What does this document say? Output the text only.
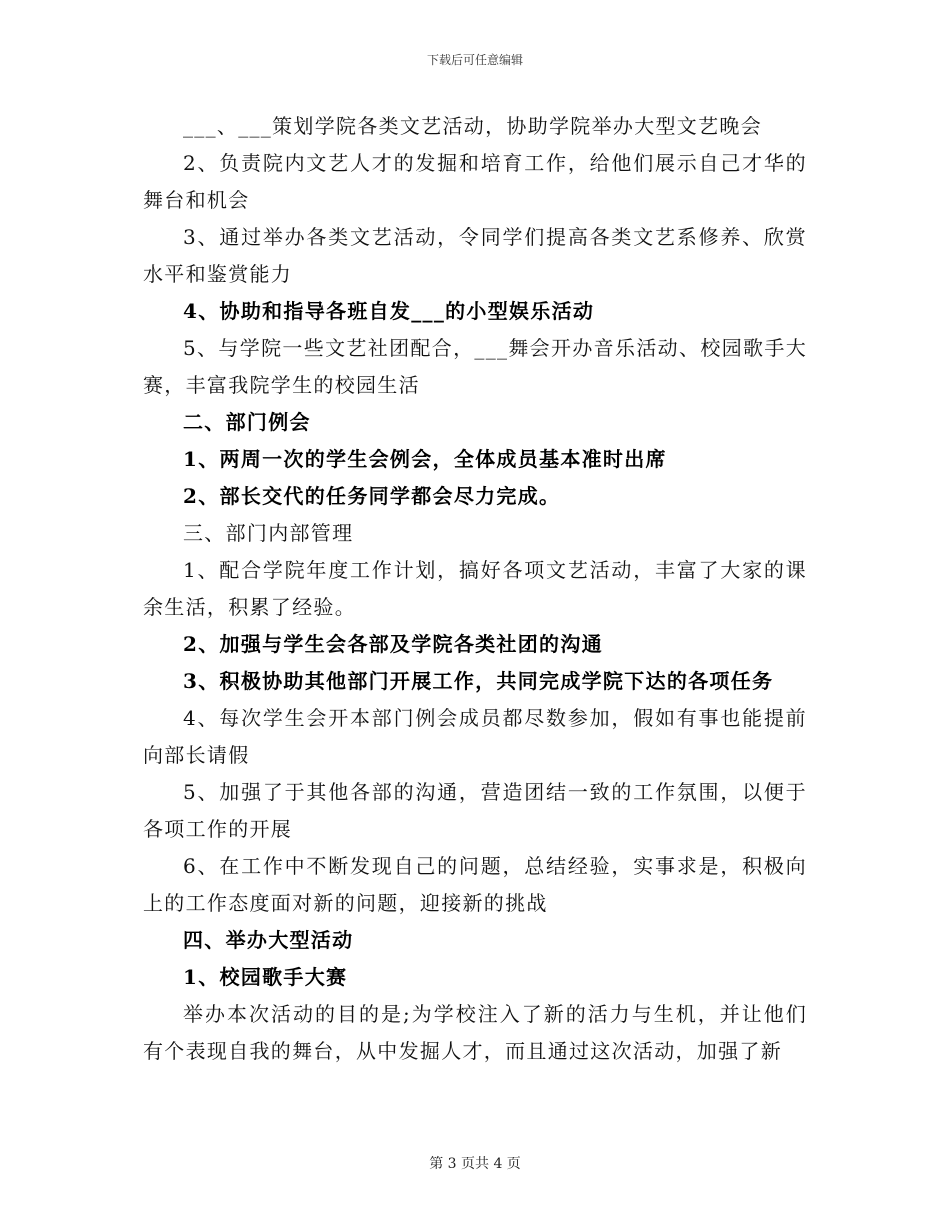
下载后可任意编辑

___、___策划学院各类文艺活动，协助学院举办大型文艺晚会

2、负责院内文艺人才的发掘和培育工作，给他们展示自己才华的舞台和机会

3、通过举办各类文艺活动，令同学们提高各类文艺系修养、欣赏水平和鉴赏能力

4、协助和指导各班自发___的小型娱乐活动

5、与学院一些文艺社团配合，___舞会开办音乐活动、校园歌手大赛，丰富我院学生的校园生活

二、部门例会

1、两周一次的学生会例会，全体成员基本准时出席

2、部长交代的任务同学都会尽力完成。

三、部门内部管理

1、配合学院年度工作计划，搞好各项文艺活动，丰富了大家的课余生活，积累了经验。

2、加强与学生会各部及学院各类社团的沟通

3、积极协助其他部门开展工作，共同完成学院下达的各项任务

4、每次学生会开本部门例会成员都尽数参加，假如有事也能提前向部长请假

5、加强了于其他各部的沟通，营造团结一致的工作氛围，以便于各项工作的开展

6、在工作中不断发现自己的问题，总结经验，实事求是，积极向上的工作态度面对新的问题，迎接新的挑战

四、举办大型活动

1、校园歌手大赛

举办本次活动的目的是;为学校注入了新的活力与生机，并让他们有个表现自我的舞台，从中发掘人才，而且通过这次活动，加强了新

第 3 页共 4 页
